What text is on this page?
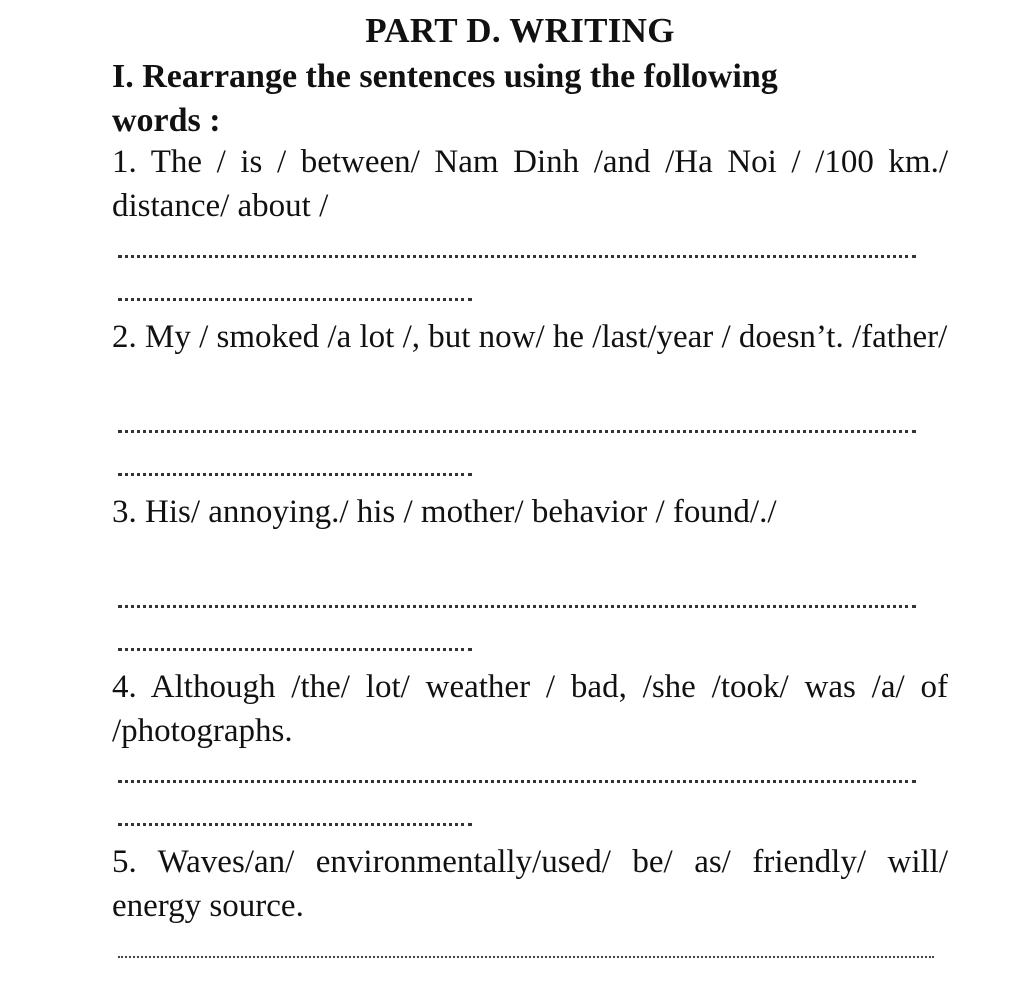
PART D. WRITING
I. Rearrange the sentences using the following words :
1. The / is / between/ Nam Dinh /and /Ha Noi / /100 km./ distance/ about /
2. My / smoked /a lot /, but now/ he /last/year / doesn’t. /father/
3. His/ annoying./ his / mother/ behavior / found/./
4. Although /the/ lot/ weather / bad, /she /took/ was /a/ of /photographs.
5. Waves/an/ environmentally/used/ be/ as/ friendly/ will/ energy source.
